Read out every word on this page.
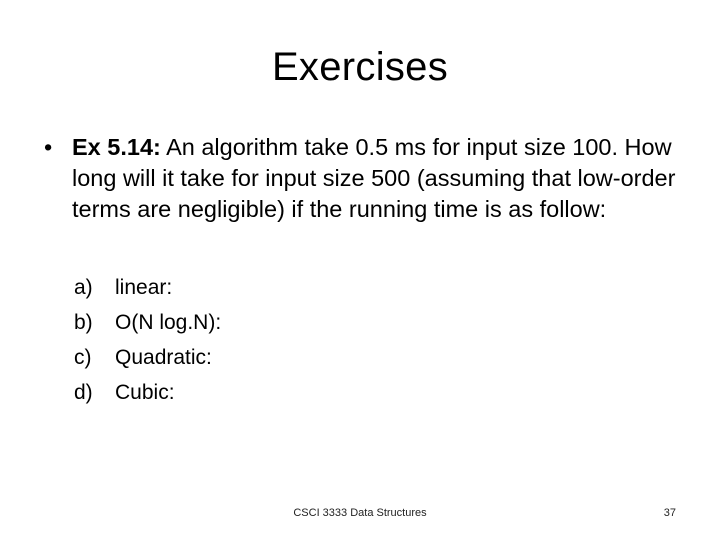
Exercises
• Ex 5.14: An algorithm take 0.5 ms for input size 100. How long will it take for input size 500 (assuming that low-order terms are negligible) if the running time is as follow:
a) linear:
b) O(N log.N):
c) Quadratic:
d) Cubic:
CSCI 3333 Data Structures	37
